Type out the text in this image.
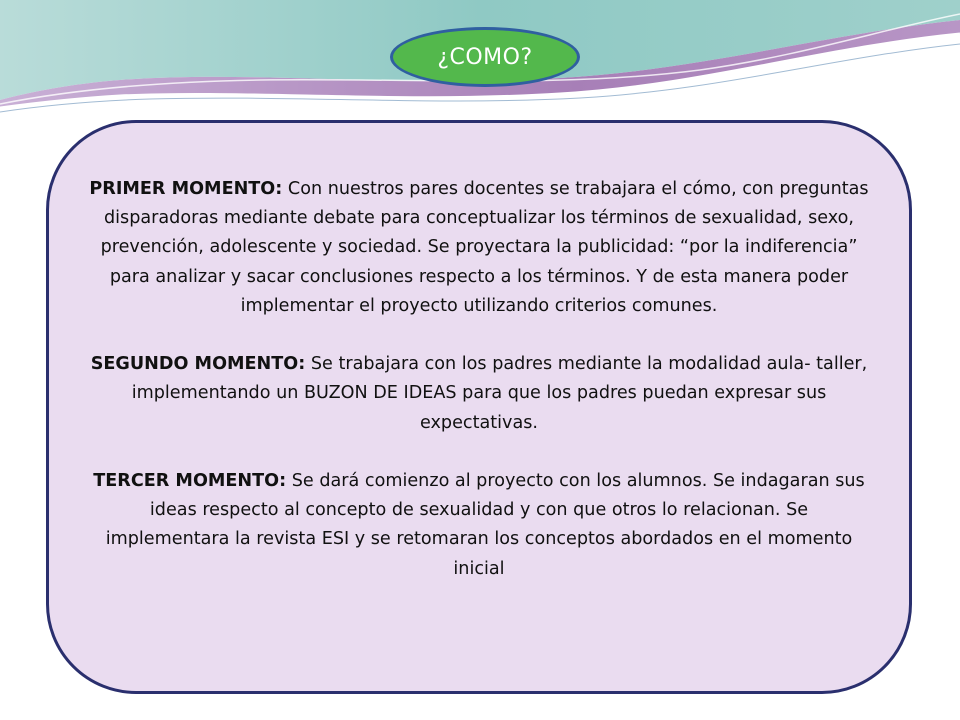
¿COMO?

PRIMER MOMENTO: Con nuestros pares docentes se trabajara el cómo, con preguntas disparadoras mediante debate para conceptualizar los términos de sexualidad, sexo, prevención, adolescente y sociedad. Se proyectara la publicidad: “por la indiferencia” para analizar y sacar conclusiones respecto a los términos. Y de esta manera poder implementar el proyecto utilizando criterios comunes.

SEGUNDO MOMENTO: Se trabajara con los padres mediante la modalidad aula- taller, implementando un BUZON DE IDEAS para que los padres puedan expresar sus expectativas.

TERCER MOMENTO: Se dará comienzo al proyecto con los alumnos. Se indagaran sus ideas respecto al concepto de sexualidad y con que otros lo relacionan. Se implementara la revista ESI y se retomaran los conceptos abordados en el momento inicial
